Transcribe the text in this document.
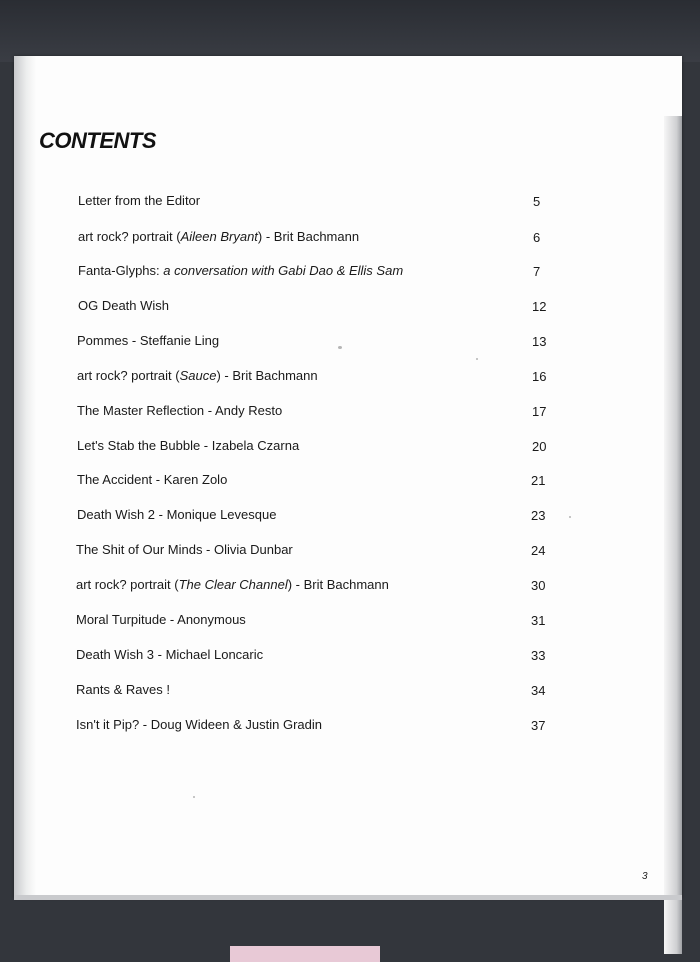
CONTENTS
Letter from the Editor	5
art rock? portrait (Aileen Bryant) - Brit Bachmann	6
Fanta-Glyphs: a conversation with Gabi Dao & Ellis Sam	7
OG Death Wish	12
Pommes - Steffanie Ling	13
art rock? portrait (Sauce) - Brit Bachmann	16
The Master Reflection - Andy Resto	17
Let's Stab the Bubble - Izabela Czarna	20
The Accident - Karen Zolo	21
Death Wish 2 - Monique Levesque	23
The Shit of Our Minds - Olivia Dunbar	24
art rock? portrait (The Clear Channel) - Brit Bachmann	30
Moral Turpitude - Anonymous	31
Death Wish 3 - Michael Loncaric	33
Rants & Raves !	34
Isn't it Pip? - Doug Wideen & Justin Gradin	37
3
